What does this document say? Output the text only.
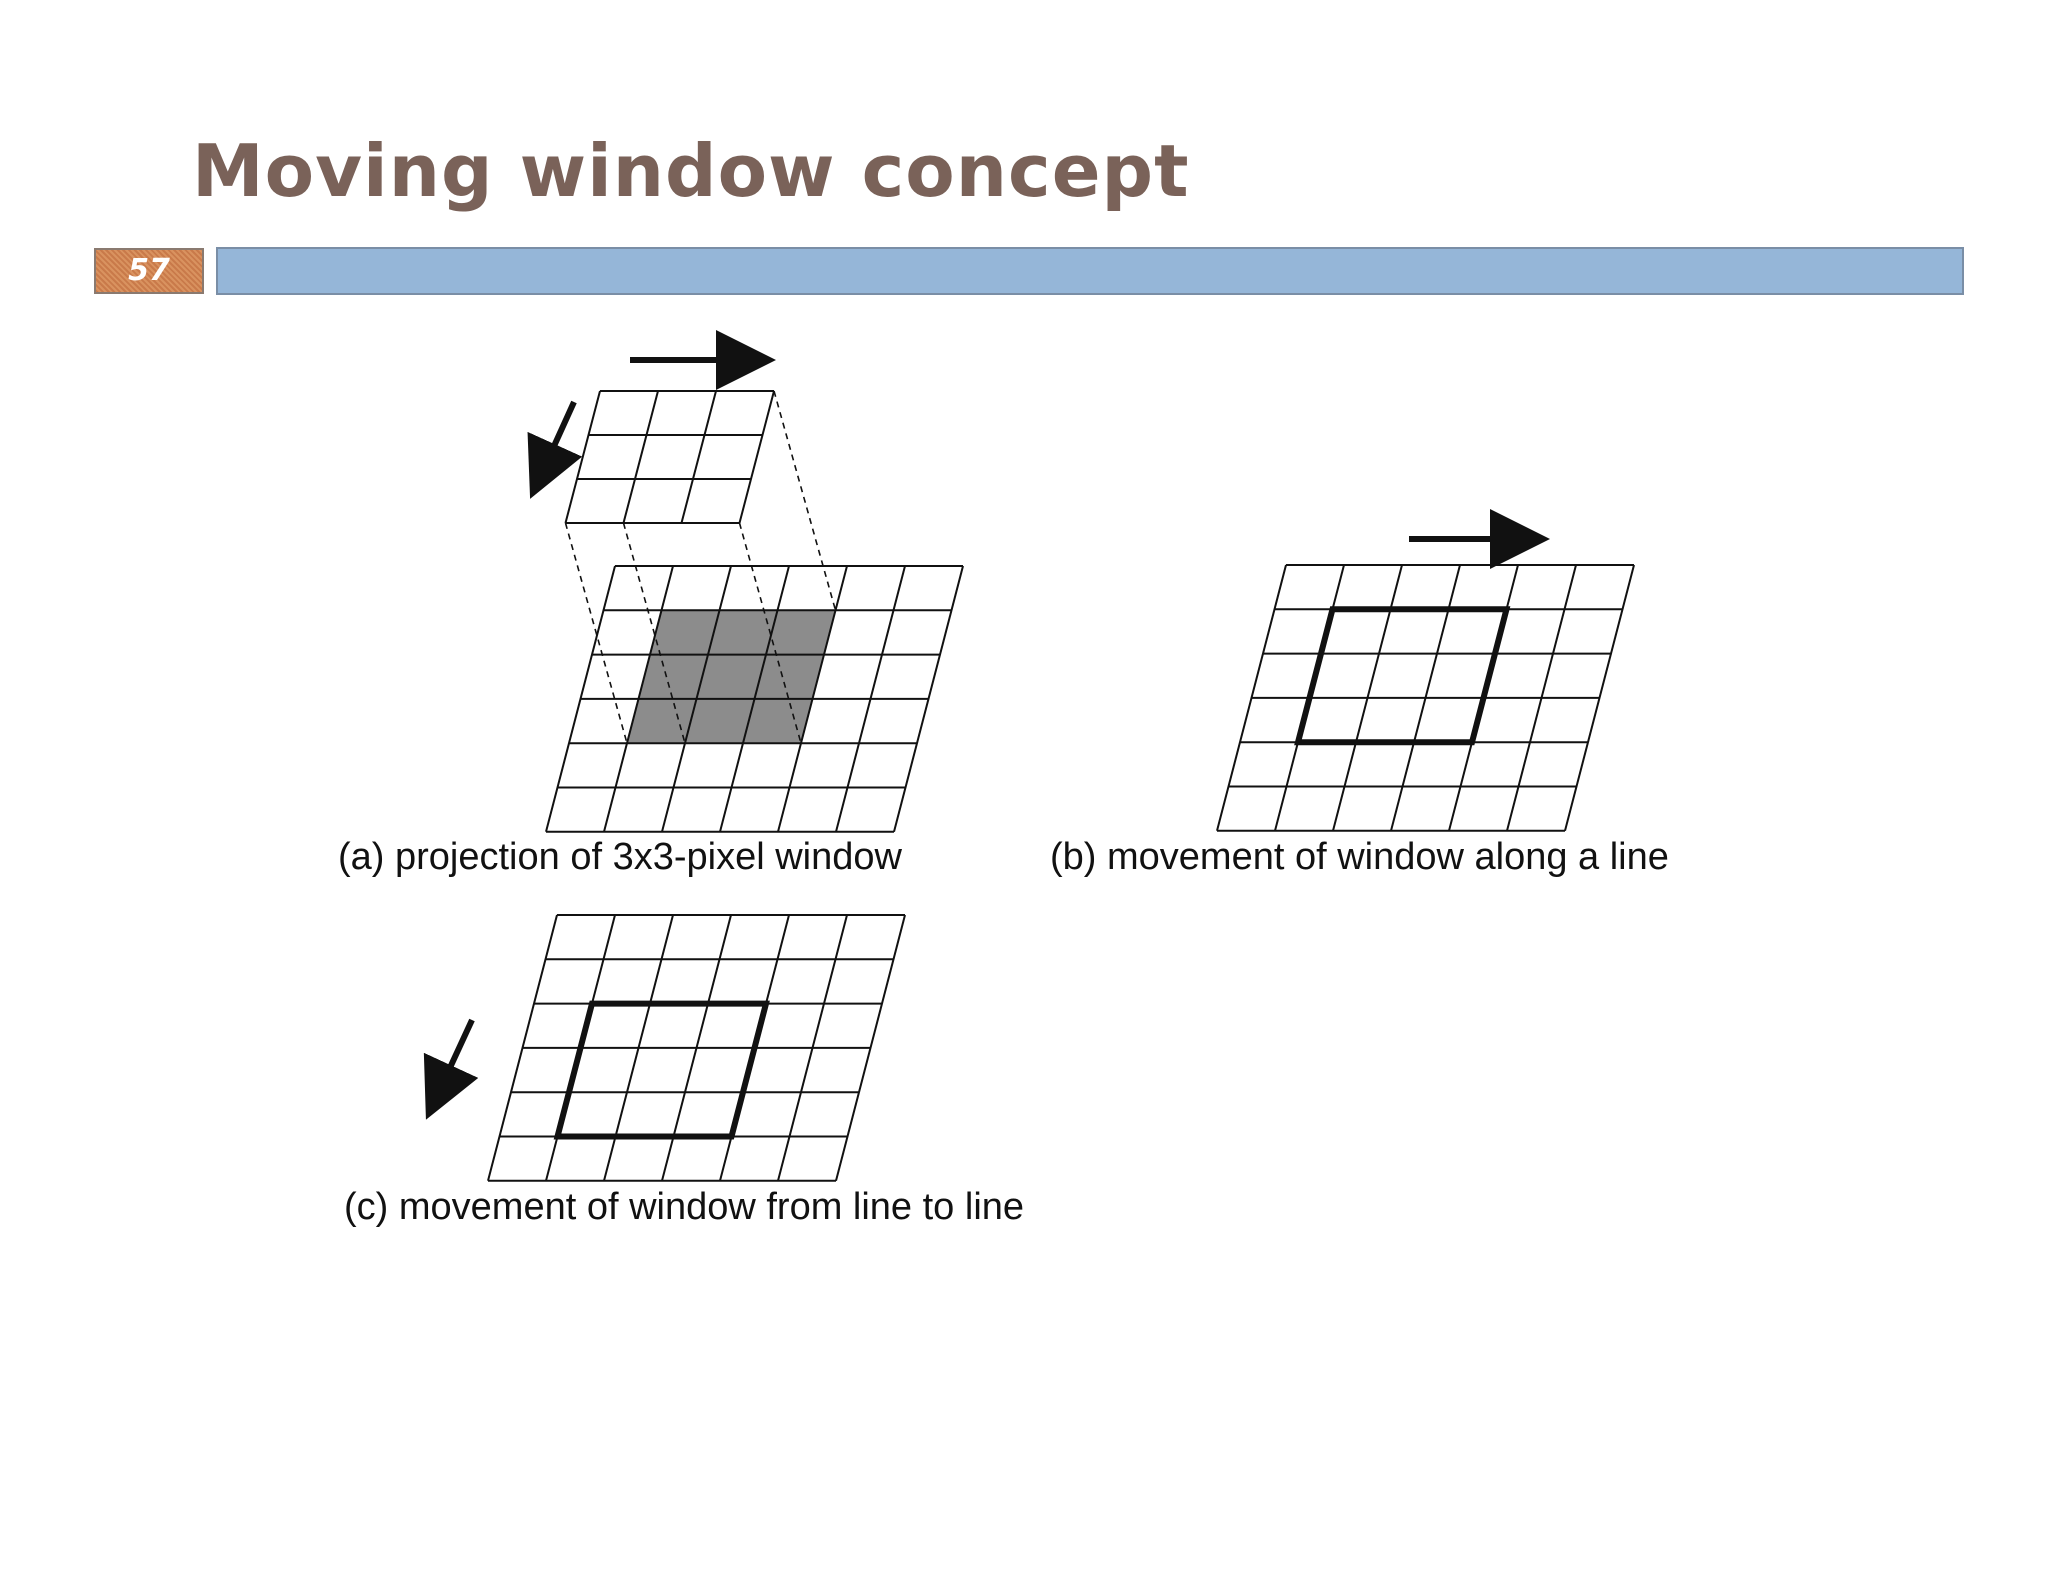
Moving window concept
57

(a) projection of 3x3-pixel window	(b) movement of window along a line

(c) movement of window from line to line
